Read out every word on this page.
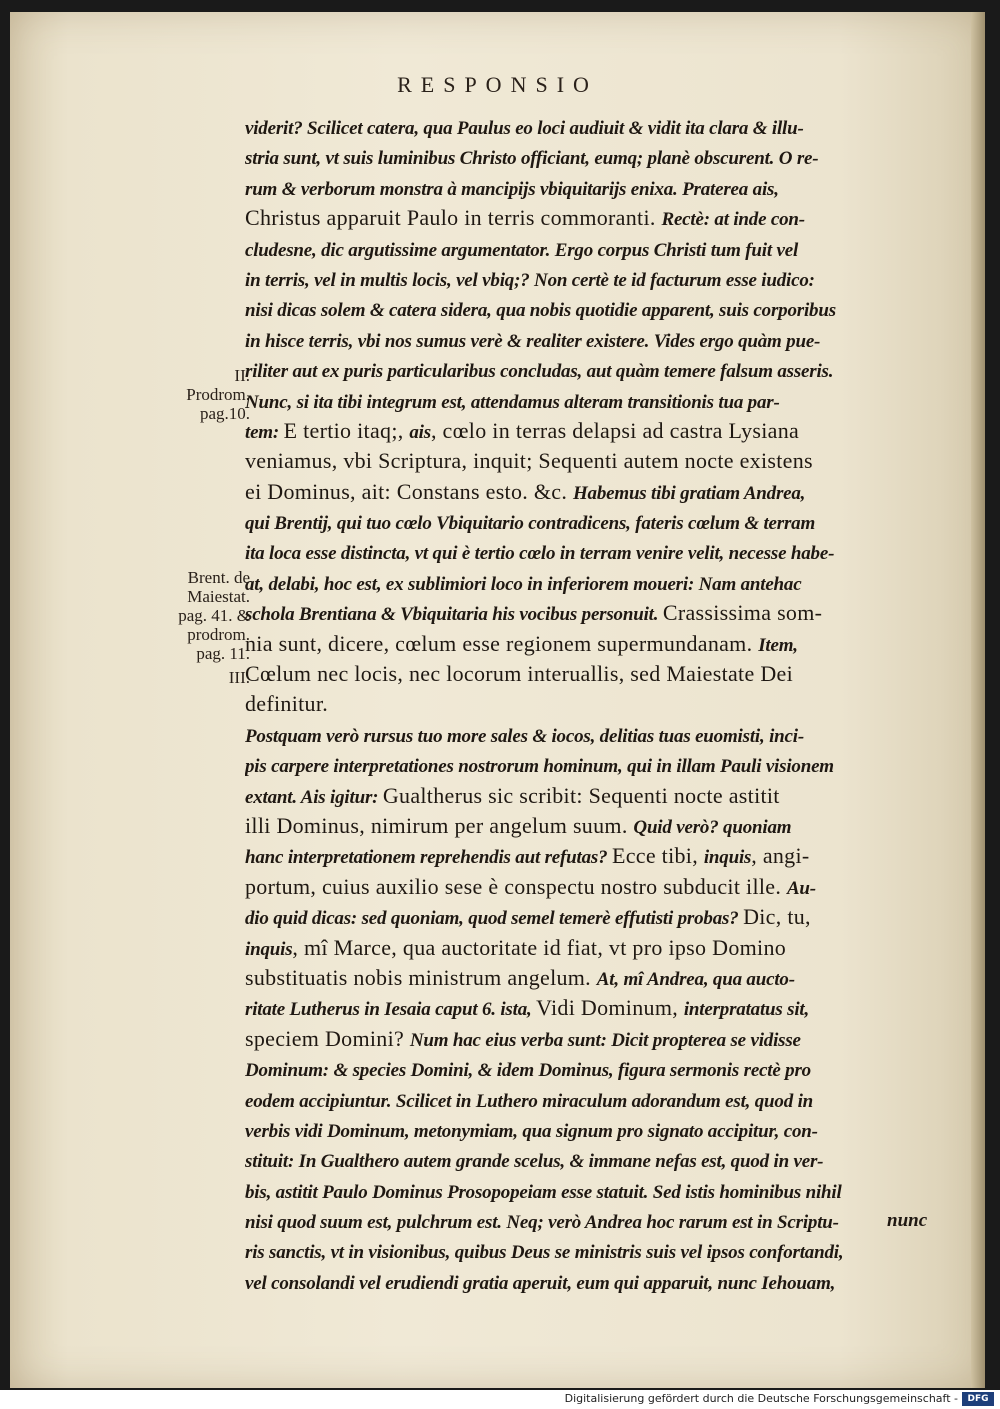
RESPONSIO
II.
Prodrom.
pag.10.
Brent. de
Maiestat.
pag. 41. &
prodrom.
pag. 11.
III.
viderit? Scilicet catera, qua Paulus eo loci audiuit & vidit ita clara & illu-
stria sunt, vt suis luminibus Christo officiant, eumq; planè obscurent. O re-
rum & verborum monstra à mancipijs vbiquitarijs enixa. Praterea ais,
Christus apparuit Paulo in terris commoranti. Rectè: at inde con-
cludesne, dic argutissime argumentator. Ergo corpus Christi tum fuit vel
in terris, vel in multis locis, vel vbiq;? Non certè te id facturum esse iudico:
nisi dicas solem & catera sidera, qua nobis quotidie apparent, suis corporibus
in hisce terris, vbi nos sumus verè & realiter existere. Vides ergo quàm pue-
riliter aut ex puris particularibus concludas, aut quàm temere falsum asseris.
Nunc, si ita tibi integrum est, attendamus alteram transitionis tua par-
tem: E tertio itaq;, ais, cœlo in terras delapsi ad castra Lysiana
veniamus, vbi Scriptura, inquit; Sequenti autem nocte existens
ei Dominus, ait: Constans esto. &c. Habemus tibi gratiam Andrea,
qui Brentij, qui tuo cœlo Vbiquitario contradicens, fateris cœlum & terram
ita loca esse distincta, vt qui è tertio cœlo in terram venire velit, necesse habe-
at, delabi, hoc est, ex sublimiori loco in inferiorem moueri: Nam antehac
schola Brentiana & Vbiquitaria his vocibus personuit. Crassissima som-
nia sunt, dicere, cœlum esse regionem supermundanam. Item,
Cœlum nec locis, nec locorum interuallis, sed Maiestate Dei
definitur.
Postquam verò rursus tuo more sales & iocos, delitias tuas euomisti, inci-
pis carpere interpretationes nostrorum hominum, qui in illam Pauli visionem
extant. Ais igitur: Gualtherus sic scribit: Sequenti nocte astitit
illi Dominus, nimirum per angelum suum. Quid verò? quoniam
hanc interpretationem reprehendis aut refutas? Ecce tibi, inquis, angi-
portum, cuius auxilio sese è conspectu nostro subducit ille. Au-
dio quid dicas: sed quoniam, quod semel temerè effutisti probas? Dic, tu,
inquis, mî Marce, qua auctoritate id fiat, vt pro ipso Domino
substituatis nobis ministrum angelum. At, mî Andrea, qua aucto-
ritate Lutherus in Iesaia caput 6. ista, Vidi Dominum, interpratatus sit,
speciem Domini? Num hac eius verba sunt: Dicit propterea se vidisse
Dominum: & species Domini, & idem Dominus, figura sermonis rectè pro
eodem accipiuntur. Scilicet in Luthero miraculum adorandum est, quod in
verbis vidi Dominum, metonymiam, qua signum pro signato accipitur, con-
stituit: In Gualthero autem grande scelus, & immane nefas est, quod in ver-
bis, astitit Paulo Dominus Prosopopeiam esse statuit. Sed istis hominibus nihil
nisi quod suum est, pulchrum est. Neq; verò Andrea hoc rarum est in Scriptu-
ris sanctis, vt in visionibus, quibus Deus se ministris suis vel ipsos confortandi,
vel consolandi vel erudiendi gratia aperuit, eum qui apparuit, nunc Iehouam,
nunc
Digitalisierung gefördert durch die Deutsche Forschungsgemeinschaft -	DFG
